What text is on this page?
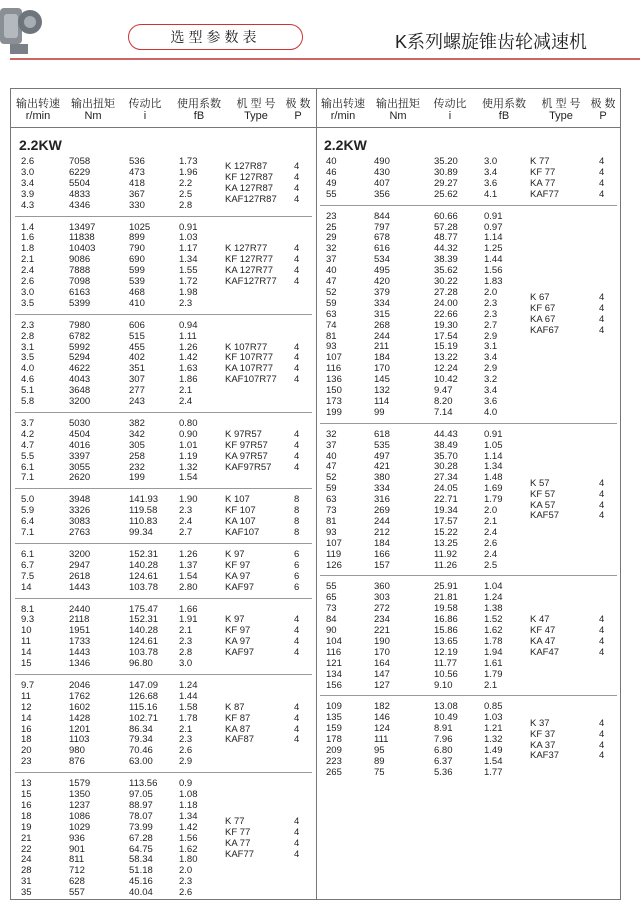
选型参数表	K系列螺旋锥齿轮减速机
输出转速
r/min
输出扭矩
Nm
传动比
i
使用系数
fB
机 型 号
Type
极 数
P
输出转速
r/min
输出扭矩
Nm
传动比
i
使用系数
fB
机 型 号
Type
极 数
P
2.2KW
2.6
3.0
3.4
3.9
4.3
7058
6229
5504
4833
4346
536
473
418
367
330
1.73
1.96
2.2
2.5
2.8
K 127R87
KF 127R87
KA 127R87
KAF127R87
4
4
4
4
1.4
1.6
1.8
2.1
2.4
2.6
3.0
3.5
13497
11838
10403
9086
7888
7098
6163
5399
1025
899
790
690
599
539
468
410
0.91
1.03
1.17
1.34
1.55
1.72
1.98
2.3
K 127R77
KF 127R77
KA 127R77
KAF127R77
4
4
4
4
2.3
2.8
3.1
3.5
4.0
4.6
5.1
5.8
7980
6782
5992
5294
4622
4043
3648
3200
606
515
455
402
351
307
277
243
0.94
1.11
1.26
1.42
1.63
1.86
2.1
2.4
K 107R77
KF 107R77
KA 107R77
KAF107R77
4
4
4
4
3.7
4.2
4.7
5.5
6.1
7.1
5030
4504
4016
3397
3055
2620
382
342
305
258
232
199
0.80
0.90
1.01
1.19
1.32
1.54
K 97R57
KF 97R57
KA 97R57
KAF97R57
4
4
4
4
5.0
5.9
6.4
7.1
3948
3326
3083
2763
141.93
119.58
110.83
99.34
1.90
2.3
2.4
2.7
K 107
KF 107
KA 107
KAF107
8
8
8
8
6.1
6.7
7.5
14
3200
2947
2618
1443
152.31
140.28
124.61
103.78
1.26
1.37
1.54
2.80
K 97
KF 97
KA 97
KAF97
6
6
6
6
8.1
9.3
10
11
14
15
2440
2118
1951
1733
1443
1346
175.47
152.31
140.28
124.61
103.78
96.80
1.66
1.91
2.1
2.3
2.8
3.0
K 97
KF 97
KA 97
KAF97
4
4
4
4
9.7
11
12
14
16
18
20
23
2046
1762
1602
1428
1201
1103
980
876
147.09
126.68
115.16
102.71
86.34
79.34
70.46
63.00
1.24
1.44
1.58
1.78
2.1
2.3
2.6
2.9
K 87
KF 87
KA 87
KAF87
4
4
4
4
13
15
16
18
19
21
22
24
28
31
35
1579
1350
1237
1086
1029
936
901
811
712
628
557
113.56
97.05
88.97
78.07
73.99
67.28
64.75
58.34
51.18
45.16
40.04
0.9
1.08
1.18
1.34
1.42
1.56
1.62
1.80
2.0
2.3
2.6
K 77
KF 77
KA 77
KAF77
4
4
4
4
2.2KW
40
46
49
55
490
430
407
356
35.20
30.89
29.27
25.62
3.0
3.4
3.6
4.1
K 77
KF 77
KA 77
KAF77
4
4
4
4
23
25
29
32
37
40
47
52
59
63
74
81
93
107
116
136
150
173
199
844
797
678
616
534
495
420
379
334
315
268
244
211
184
170
145
132
114
99
60.66
57.28
48.77
44.32
38.39
35.62
30.22
27.28
24.00
22.66
19.30
17.54
15.19
13.22
12.24
10.42
9.47
8.20
7.14
0.91
0.97
1.14
1.25
1.44
1.56
1.83
2.0
2.3
2.3
2.7
2.9
3.1
3.4
2.9
3.2
3.4
3.6
4.0
K 67
KF 67
KA 67
KAF67
4
4
4
4
32
37
40
47
52
59
63
73
81
93
107
119
126
618
535
497
421
380
334
316
269
244
212
184
166
157
44.43
38.49
35.70
30.28
27.34
24.05
22.71
19.34
17.57
15.22
13.25
11.92
11.26
0.91
1.05
1.14
1.34
1.48
1.69
1.79
2.0
2.1
2.4
2.6
2.4
2.5
K 57
KF 57
KA 57
KAF57
4
4
4
4
55
65
73
84
90
104
116
121
134
156
360
303
272
234
221
190
170
164
147
127
25.91
21.81
19.58
16.86
15.86
13.65
12.19
11.77
10.56
9.10
1.04
1.24
1.38
1.52
1.62
1.78
1.94
1.61
1.79
2.1
K 47
KF 47
KA 47
KAF47
4
4
4
4
109
135
159
178
209
223
265
182
146
124
111
95
89
75
13.08
10.49
8.91
7.96
6.80
6.37
5.36
0.85
1.03
1.21
1.32
1.49
1.54
1.77
K 37
KF 37
KA 37
KAF37
4
4
4
4
